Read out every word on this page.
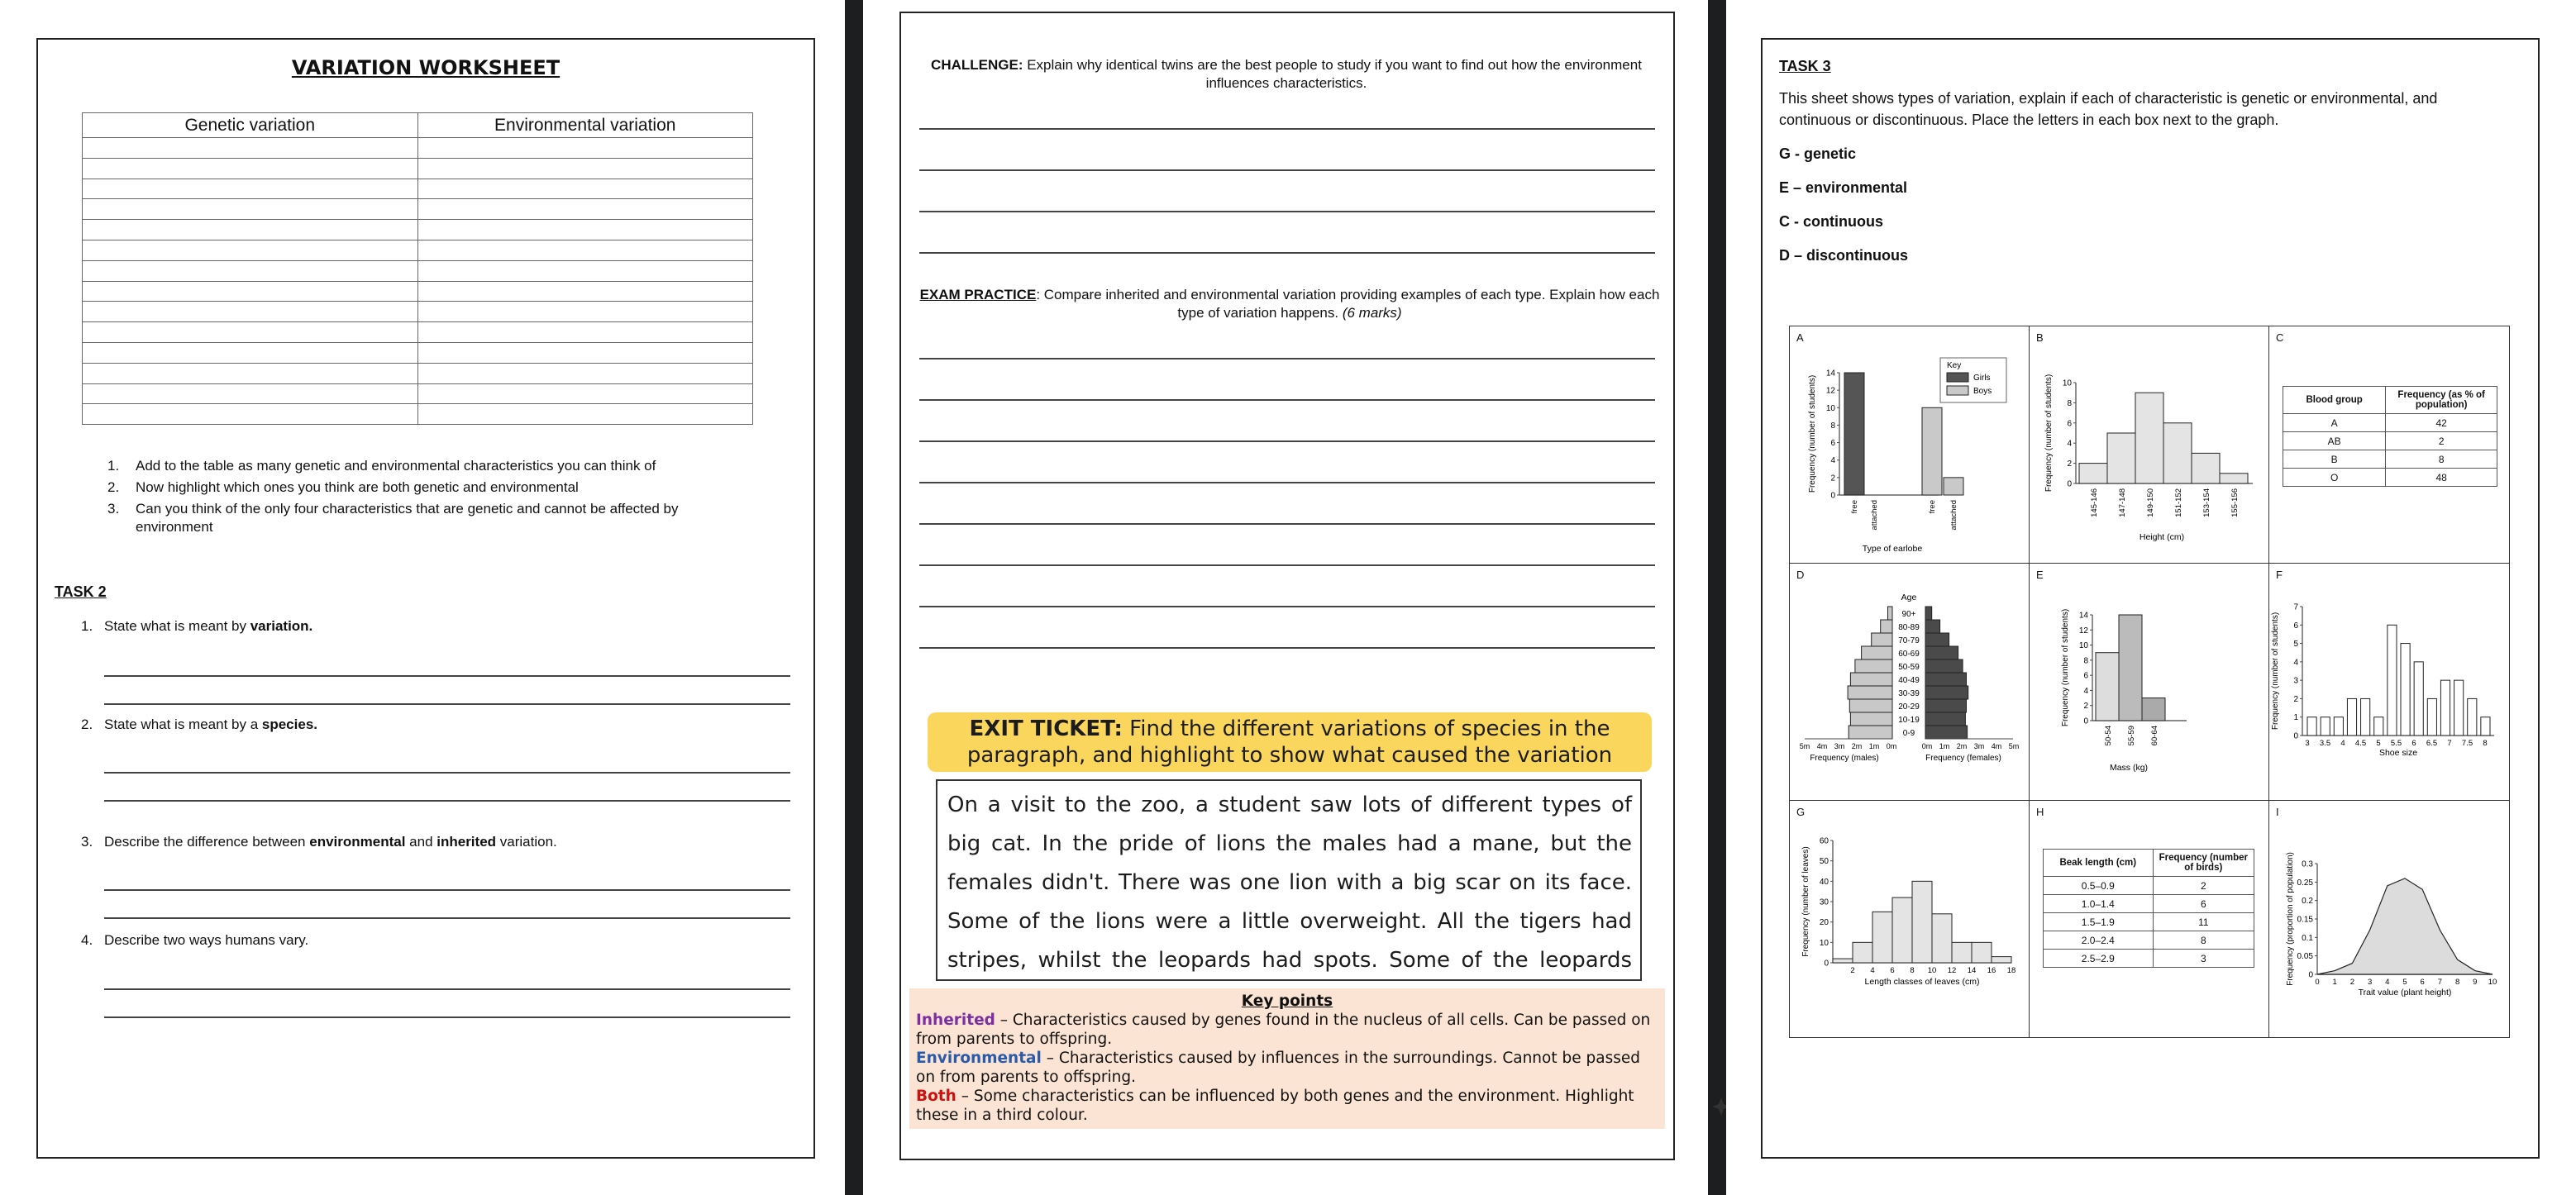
VARIATION WORKSHEET
Genetic variation	Environmental variation

1.	Add to the table as many genetic and environmental characteristics you can think of
2.	Now highlight which ones you think are both genetic and environmental
3.	Can you think of the only four characteristics that are genetic and cannot be affected by environment
TASK 2
1. State what is meant by variation.
2. State what is meant by a species.
3. Describe the difference between environmental and inherited variation.
4. Describe two ways humans vary.
CHALLENGE: Explain why identical twins are the best people to study if you want to find out how the environment influences characteristics.
EXAM PRACTICE: Compare inherited and environmental variation providing examples of each type. Explain how each type of variation happens. (6 marks)
EXIT TICKET: Find the different variations of species in the paragraph, and highlight to show what caused the variation
On a visit to the zoo, a student saw lots of different types of big cat. In the pride of lions the males had a mane, but the females didn't. There was one lion with a big scar on its face. Some of the lions were a little overweight. All the tigers had stripes, whilst the leopards had spots. Some of the leopards
Key points
Inherited – Characteristics caused by genes found in the nucleus of all cells. Can be passed on from parents to offspring.
Environmental – Characteristics caused by influences in the surroundings. Cannot be passed on from parents to offspring.
Both – Some characteristics can be influenced by both genes and the environment. Highlight these in a third colour.
TASK 3
This sheet shows types of variation, explain if each of characteristic is genetic or environmental, and continuous or discontinuous. Place the letters in each box next to the graph.
G - genetic
E – environmental
C - continuous
D – discontinuous
A
0
2
4
6
8
10
12
14
Frequency (number of students)
free attached	free attached
Type of earlobe
Key
Girls
Boys
B
0
2
4
6
8
10
Frequency (number of students)
145-146 147-148 149-150 151-152 153-154 155-156
Height (cm)
C
Blood group	Frequency (as % of population)
A	42
AB	2
B	8
O	48
D
Age
0-9
10-19
20-29
30-39
40-49
50-59
60-69
70-79
80-89
90+
5m 4m 3m 2m 1m 0m	0m 1m 2m 3m 4m 5m
Frequency (males)	Frequency (females)
E
0
2
4
6
8
10
12
14
Frequency (number of students)
50-54 55-59 60-64
Mass (kg)
F
0
1
2
3
4
5
6
7
Frequency (number of students)
3 3.5 4 4.5 5 5.5 6 6.5 7 7.5 8
Shoe size
G
0
10
20
30
40
50
60
Frequency (number of leaves)
2 4 6 8 10 12 14 16 18
Length classes of leaves (cm)
H
Beak length (cm)	Frequency (number of birds)
0.5–0.9	2
1.0–1.4	6
1.5–1.9	11
2.0–2.4	8
2.5–2.9	3
I
0
0.05
0.1
0.15
0.2
0.25
0.3
Frequency (proportion of population)	0 1 2 3 4 5 6 7 8 9 10
Trait value (plant height)
